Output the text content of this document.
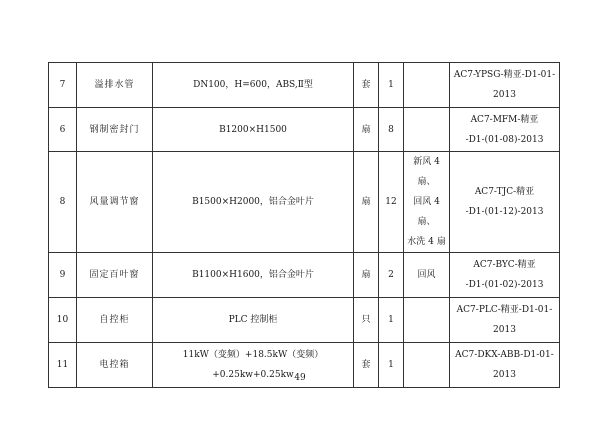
7	溢排水管	DN100，H=600，ABS,Ⅱ型	套	1		AC7-YPSG-精亚-D1-01-2013

6	钢制密封门	B1200×H1500	扇	8		AC7-MFM-精亚
-D1-(01-08)-2013

8	风量调节窗	B1500×H2000，铝合金叶片	扇	12	新风 4 扇、
回风 4 扇、
水洗 4 扇	AC7-TJC-精亚
-D1-(01-12)-2013

9	固定百叶窗	B1100×H1600，铝合金叶片	扇	2	回风	AC7-BYC-精亚
-D1-(01-02)-2013

10	自控柜	PLC 控制柜	只	1		AC7-PLC-精亚-D1-01-2013

11	电控箱	11kW（变频）+18.5kW（变频）+0.25kw+0.25kw	套	1		AC7-DKX-ABB-D1-01-2013
49
